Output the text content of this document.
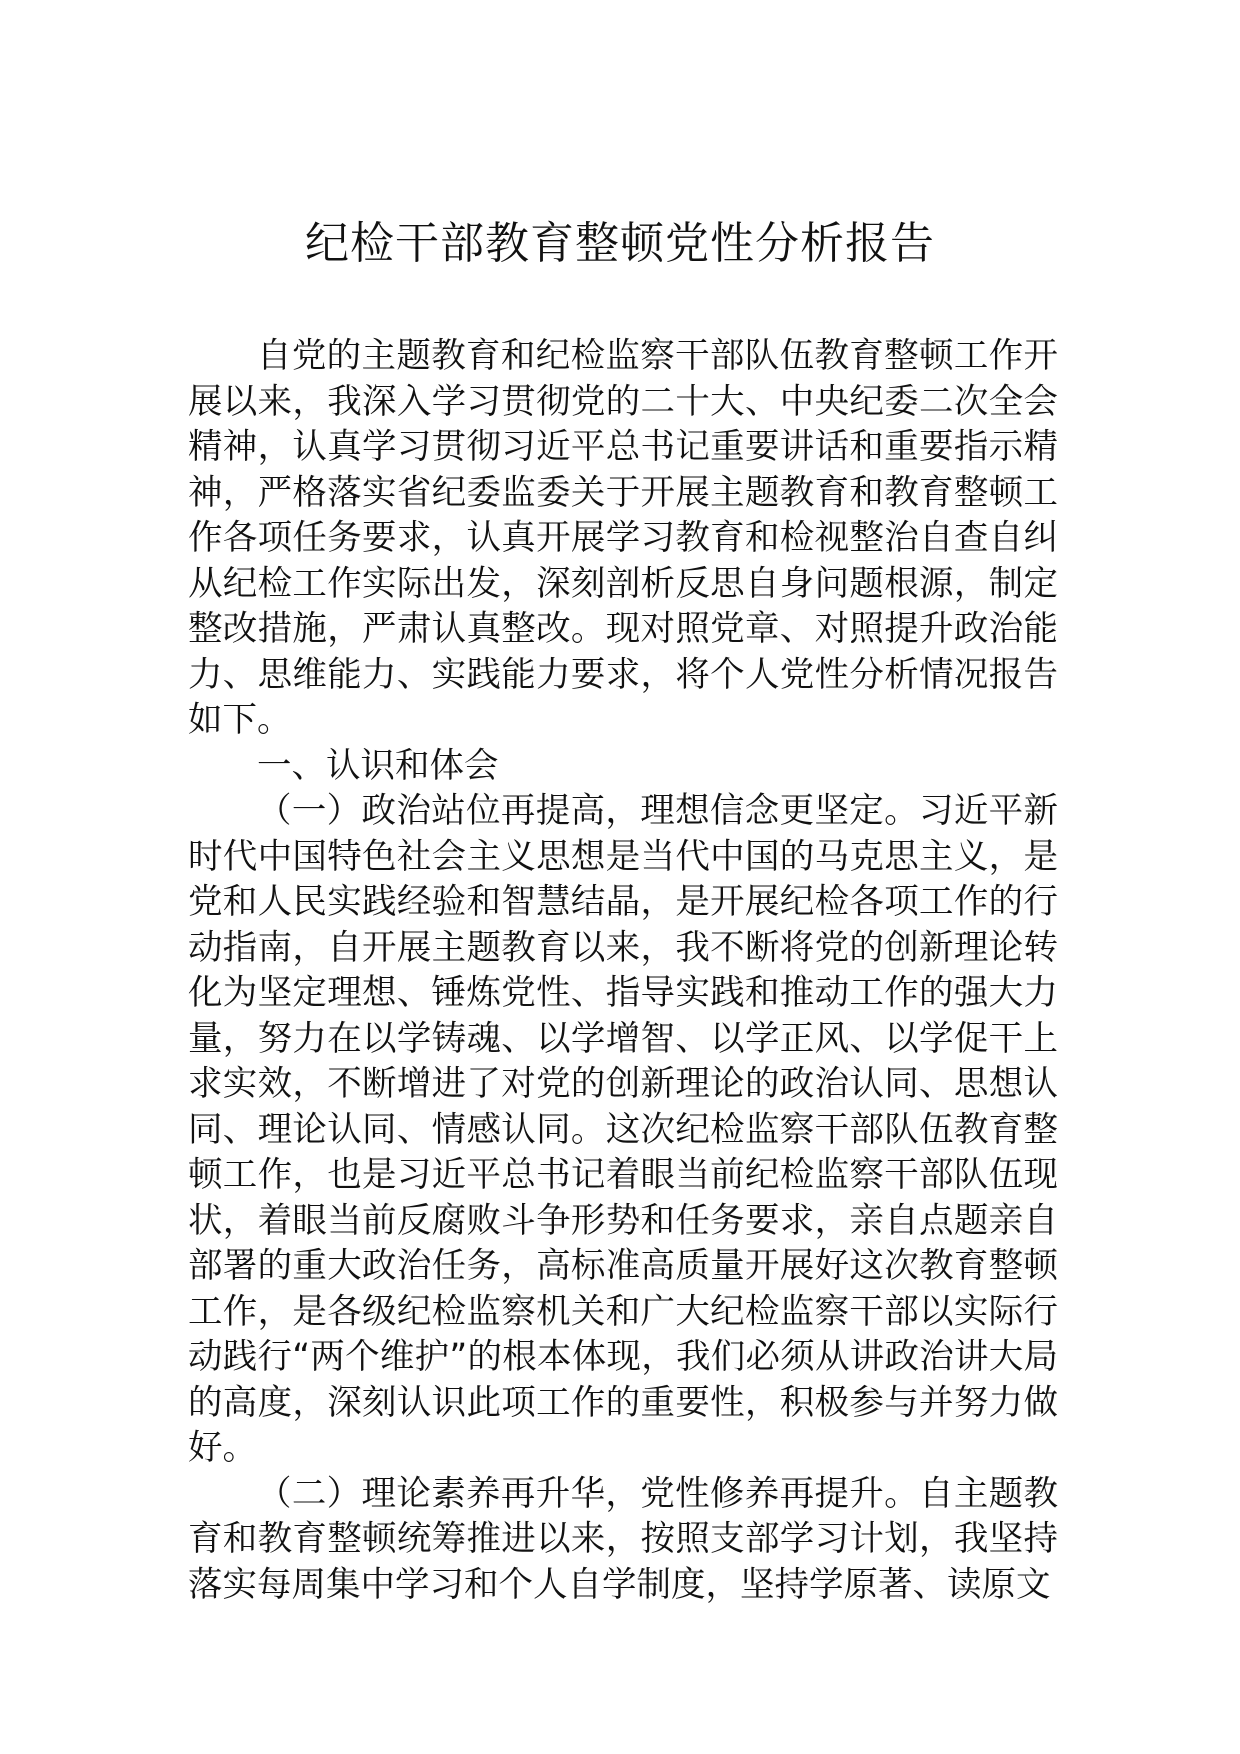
纪检干部教育整顿党性分析报告

自党的主题教育和纪检监察干部队伍教育整顿工作开展以来，我深入学习贯彻党的二十大、中央纪委二次全会精神，认真学习贯彻习近平总书记重要讲话和重要指示精神，严格落实省纪委监委关于开展主题教育和教育整顿工作各项任务要求，认真开展学习教育和检视整治自查自纠从纪检工作实际出发，深刻剖析反思自身问题根源，制定整改措施，严肃认真整改。现对照党章、对照提升政治能力、思维能力、实践能力要求，将个人党性分析情况报告如下。

一、认识和体会

（一）政治站位再提高，理想信念更坚定。习近平新时代中国特色社会主义思想是当代中国的马克思主义，是党和人民实践经验和智慧结晶，是开展纪检各项工作的行动指南，自开展主题教育以来，我不断将党的创新理论转化为坚定理想、锤炼党性、指导实践和推动工作的强大力量，努力在以学铸魂、以学增智、以学正风、以学促干上求实效，不断增进了对党的创新理论的政治认同、思想认同、理论认同、情感认同。这次纪检监察干部队伍教育整顿工作，也是习近平总书记着眼当前纪检监察干部队伍现状，着眼当前反腐败斗争形势和任务要求，亲自点题亲自部署的重大政治任务，高标准高质量开展好这次教育整顿工作，是各级纪检监察机关和广大纪检监察干部以实际行动践行“两个维护”的根本体现，我们必须从讲政治讲大局的高度，深刻认识此项工作的重要性，积极参与并努力做好。

（二）理论素养再升华，党性修养再提升。自主题教育和教育整顿统筹推进以来，按照支部学习计划，我坚持落实每周集中学习和个人自学制度，坚持学原著、读原文
